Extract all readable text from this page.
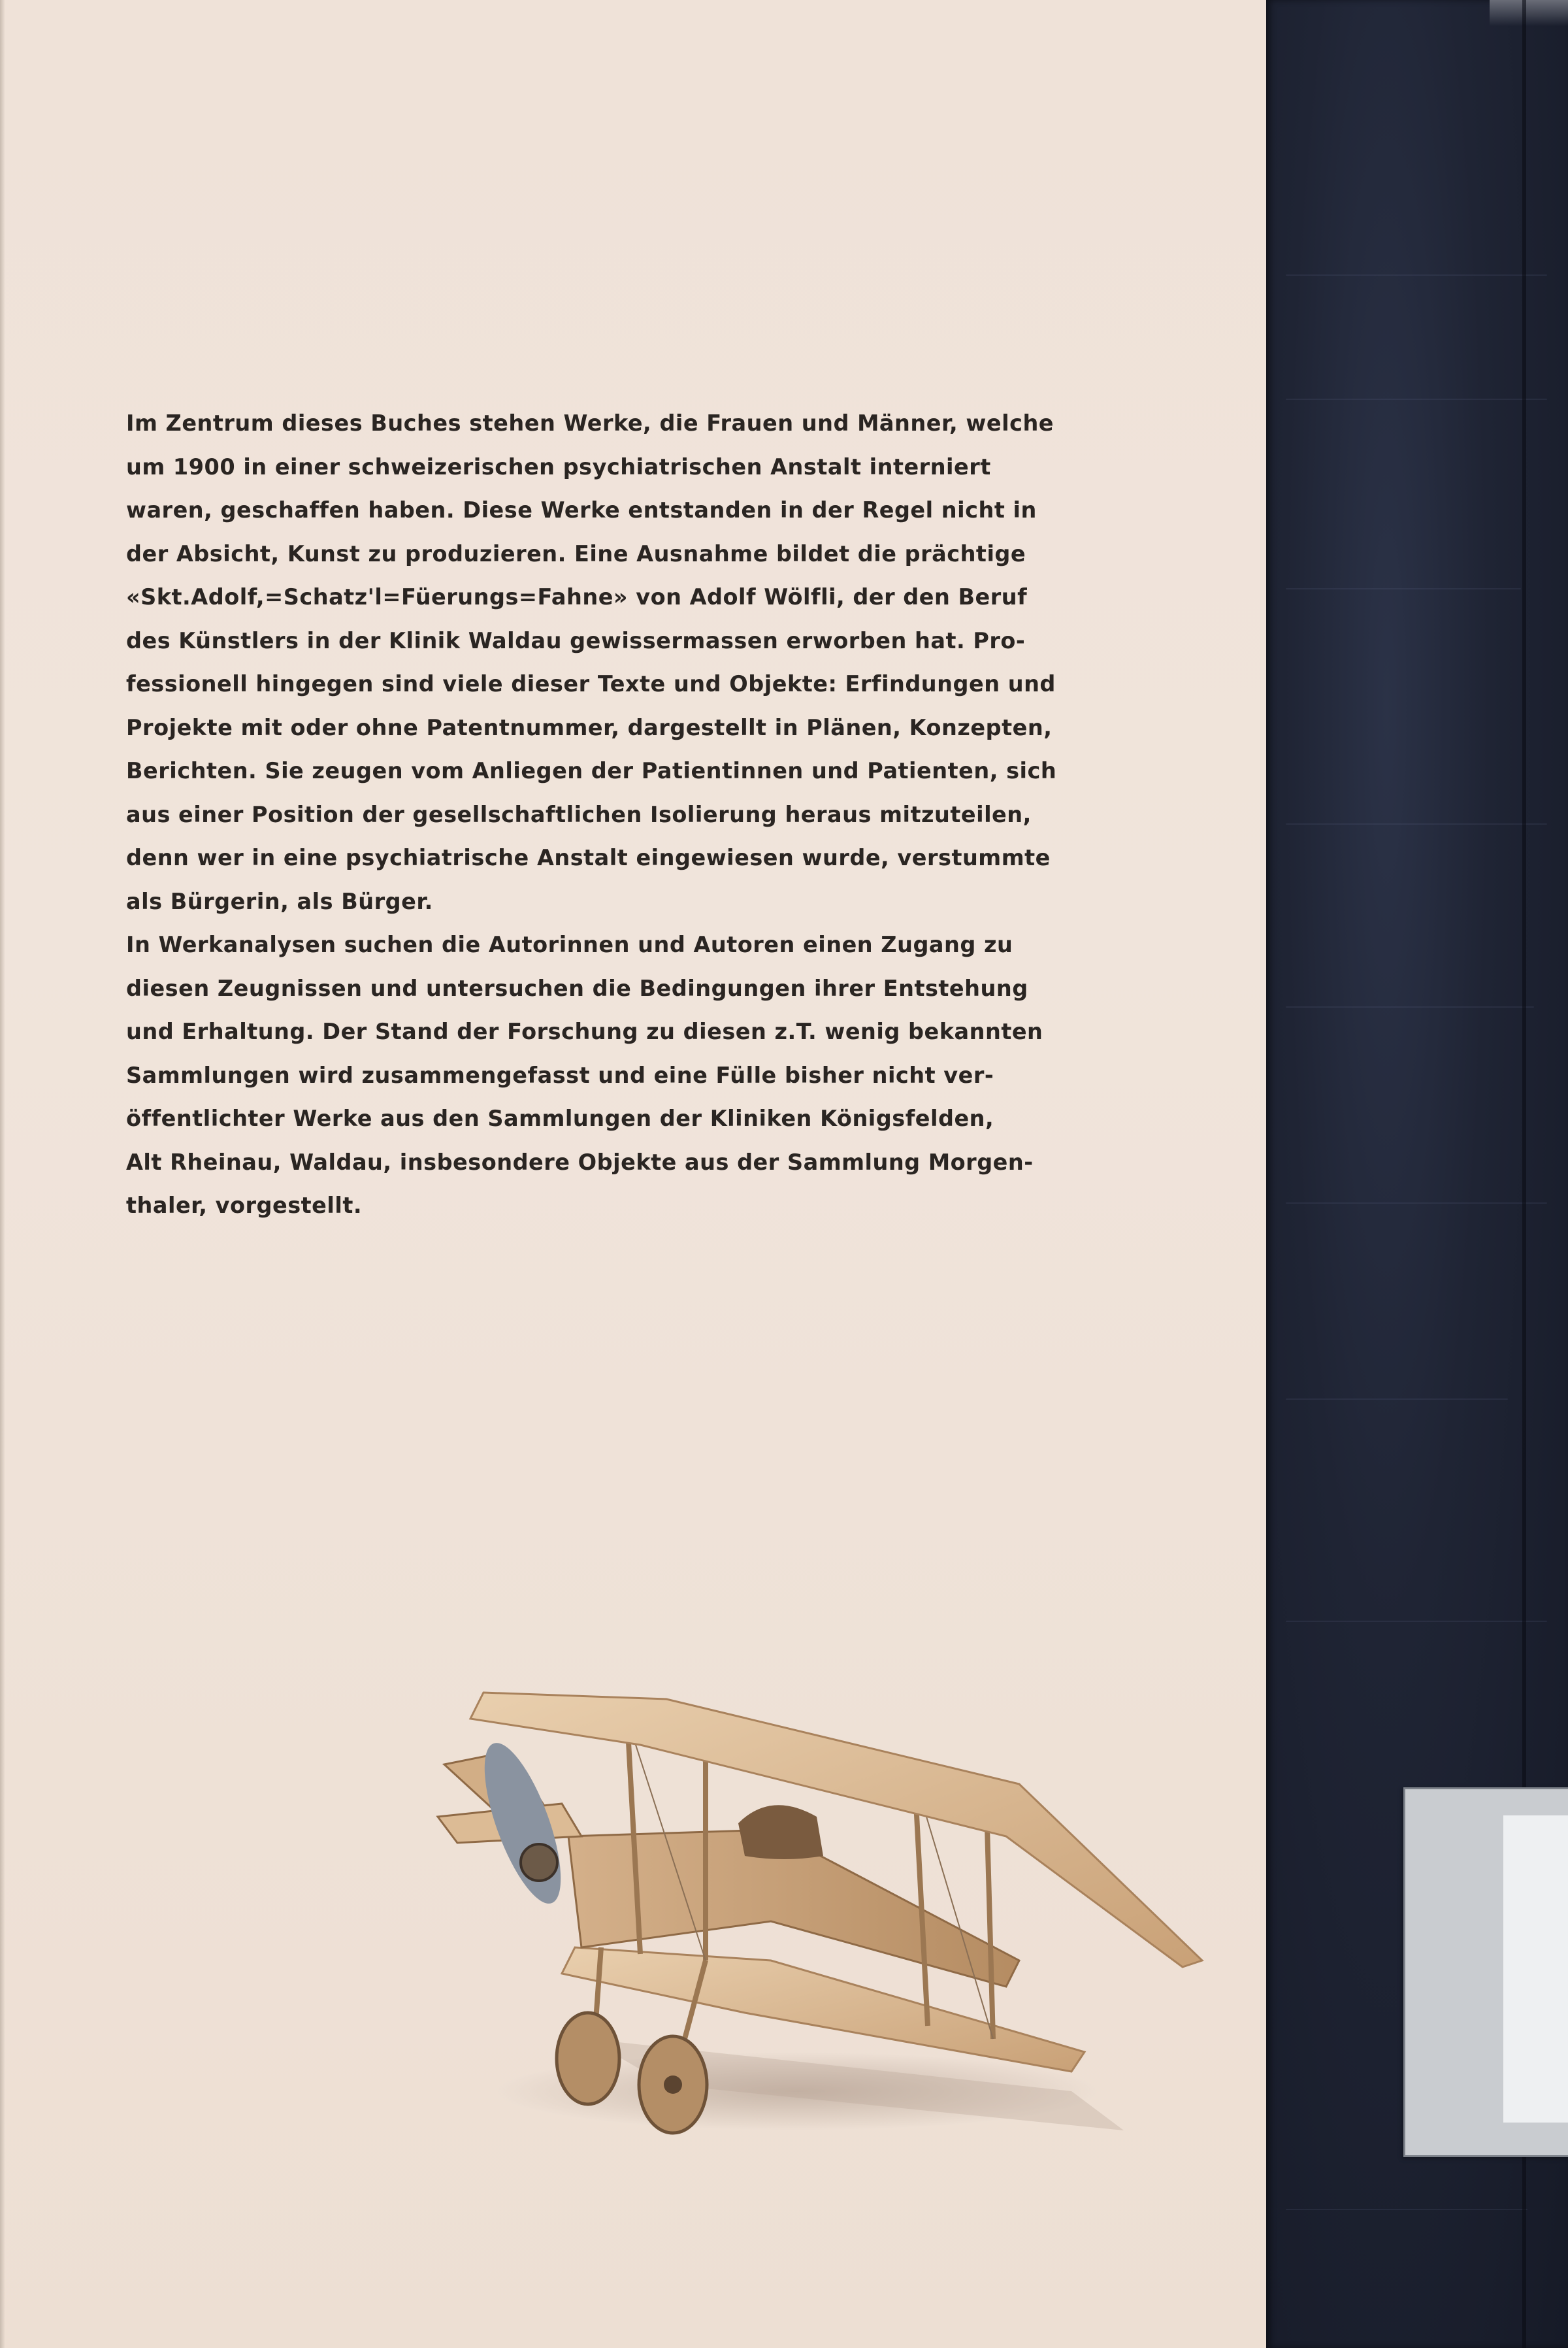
Im Zentrum dieses Buches stehen Werke, die Frauen und Männer, welche
um 1900 in einer schweizerischen psychiatrischen Anstalt interniert
waren, geschaffen haben. Diese Werke entstanden in der Regel nicht in
der Absicht, Kunst zu produzieren. Eine Ausnahme bildet die prächtige
«Skt.Adolf,=Schatz'l=Füerungs=Fahne» von Adolf Wölfli, der den Beruf
des Künstlers in der Klinik Waldau gewissermassen erworben hat. Pro-
fessionell hingegen sind viele dieser Texte und Objekte: Erfindungen und
Projekte mit oder ohne Patentnummer, dargestellt in Plänen, Konzepten,
Berichten. Sie zeugen vom Anliegen der Patientinnen und Patienten, sich
aus einer Position der gesellschaftlichen Isolierung heraus mitzuteilen,
denn wer in eine psychiatrische Anstalt eingewiesen wurde, verstummte
als Bürgerin, als Bürger.
In Werkanalysen suchen die Autorinnen und Autoren einen Zugang zu
diesen Zeugnissen und untersuchen die Bedingungen ihrer Entstehung
und Erhaltung. Der Stand der Forschung zu diesen z.T. wenig bekannten
Sammlungen wird zusammengefasst und eine Fülle bisher nicht ver-
öffentlichter Werke aus den Sammlungen der Kliniken Königsfelden,
Alt Rheinau, Waldau, insbesondere Objekte aus der Sammlung Morgen-
thaler, vorgestellt.
